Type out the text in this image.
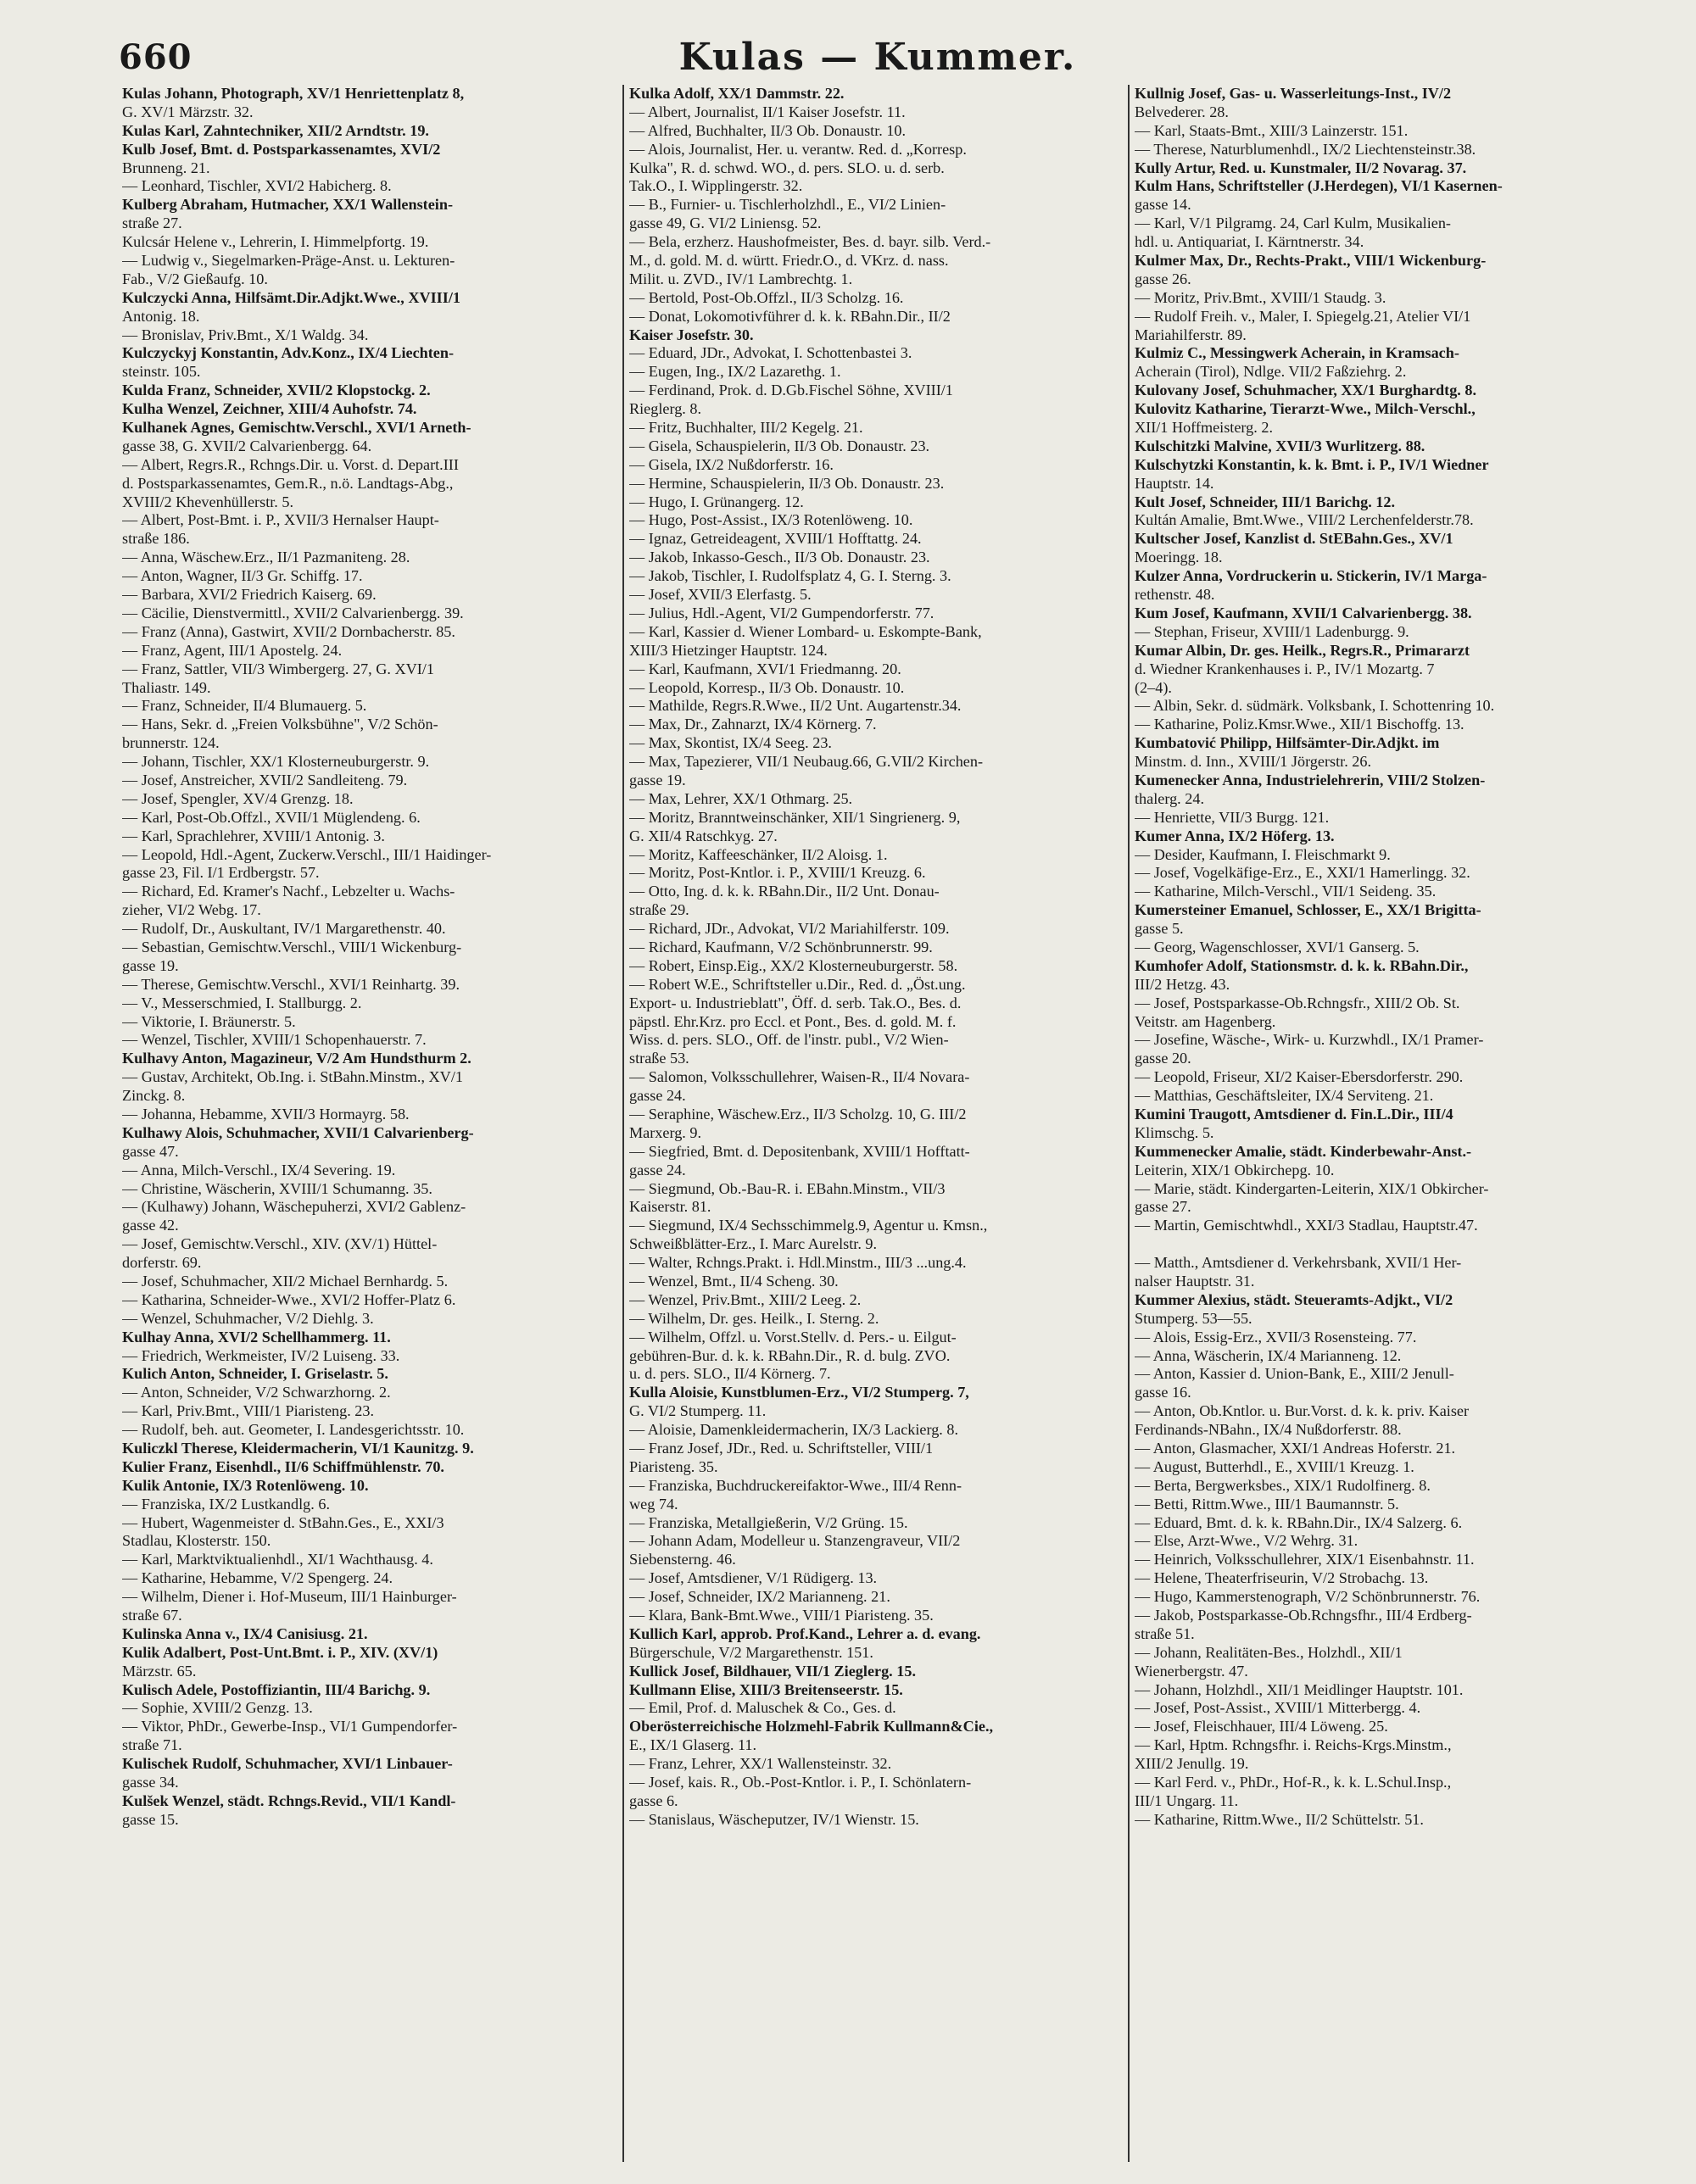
660	Kulas — Kummer.
Kulas Johann, Photograph, XV/1 Henriettenplatz 8,
G. XV/1 Märzstr. 32.
Kulas Karl, Zahntechniker, XII/2 Arndtstr. 19.
Kulb Josef, Bmt. d. Postsparkassenamtes, XVI/2
Brunneng. 21.
— Leonhard, Tischler, XVI/2 Habicherg. 8.
Kulberg Abraham, Hutmacher, XX/1 Wallenstein-
straße 27.
Kulcsár Helene v., Lehrerin, I. Himmelpfortg. 19.
— Ludwig v., Siegelmarken-Präge-Anst. u. Lekturen-
Fab., V/2 Gießaufg. 10.
Kulczycki Anna, Hilfsämt.Dir.Adjkt.Wwe., XVIII/1
Antonig. 18.
— Bronislav, Priv.Bmt., X/1 Waldg. 34.
Kulczyckyj Konstantin, Adv.Konz., IX/4 Liechten-
steinstr. 105.
Kulda Franz, Schneider, XVII/2 Klopstockg. 2.
Kulha Wenzel, Zeichner, XIII/4 Auhofstr. 74.
Kulhanek Agnes, Gemischtw.Verschl., XVI/1 Arneth-
gasse 38, G. XVII/2 Calvarienbergg. 64.
— Albert, Regrs.R., Rchngs.Dir. u. Vorst. d. Depart.III
d. Postsparkassenamtes, Gem.R., n.ö. Landtags-Abg.,
XVIII/2 Khevenhüllerstr. 5.
— Albert, Post-Bmt. i. P., XVII/3 Hernalser Haupt-
straße 186.
— Anna, Wäschew.Erz., II/1 Pazmaniteng. 28.
— Anton, Wagner, II/3 Gr. Schiffg. 17.
— Barbara, XVI/2 Friedrich Kaiserg. 69.
— Cäcilie, Dienstvermittl., XVII/2 Calvarienbergg. 39.
— Franz (Anna), Gastwirt, XVII/2 Dornbacherstr. 85.
— Franz, Agent, III/1 Apostelg. 24.
— Franz, Sattler, VII/3 Wimbergerg. 27, G. XVI/1
Thaliastr. 149.
— Franz, Schneider, II/4 Blumauerg. 5.
— Hans, Sekr. d. „Freien Volksbühne", V/2 Schön-
brunnerstr. 124.
— Johann, Tischler, XX/1 Klosterneuburgerstr. 9.
— Josef, Anstreicher, XVII/2 Sandleiteng. 79.
— Josef, Spengler, XV/4 Grenzg. 18.
— Karl, Post-Ob.Offzl., XVII/1 Müglendeng. 6.
— Karl, Sprachlehrer, XVIII/1 Antonig. 3.
— Leopold, Hdl.-Agent, Zuckerw.Verschl., III/1 Haidinger-
gasse 23, Fil. I/1 Erdbergstr. 57.
— Richard, Ed. Kramer's Nachf., Lebzelter u. Wachs-
zieher, VI/2 Webg. 17.
— Rudolf, Dr., Auskultant, IV/1 Margarethenstr. 40.
— Sebastian, Gemischtw.Verschl., VIII/1 Wickenburg-
gasse 19.
— Therese, Gemischtw.Verschl., XVI/1 Reinhartg. 39.
— V., Messerschmied, I. Stallburgg. 2.
— Viktorie, I. Bräunerstr. 5.
— Wenzel, Tischler, XVIII/1 Schopenhauerstr. 7.
Kulhavy Anton, Magazineur, V/2 Am Hundsthurm 2.
— Gustav, Architekt, Ob.Ing. i. StBahn.Minstm., XV/1
Zinckg. 8.
— Johanna, Hebamme, XVII/3 Hormayrg. 58.
Kulhawy Alois, Schuhmacher, XVII/1 Calvarienberg-
gasse 47.
— Anna, Milch-Verschl., IX/4 Severing. 19.
— Christine, Wäscherin, XVIII/1 Schumanng. 35.
— (Kulhawy) Johann, Wäschepuherzi, XVI/2 Gablenz-
gasse 42.
— Josef, Gemischtw.Verschl., XIV. (XV/1) Hüttel-
dorferstr. 69.
— Josef, Schuhmacher, XII/2 Michael Bernhardg. 5.
— Katharina, Schneider-Wwe., XVI/2 Hoffer-Platz 6.
— Wenzel, Schuhmacher, V/2 Diehlg. 3.
Kulhay Anna, XVI/2 Schellhammerg. 11.
— Friedrich, Werkmeister, IV/2 Luiseng. 33.
Kulich Anton, Schneider, I. Griselastr. 5.
— Anton, Schneider, V/2 Schwarzhorng. 2.
— Karl, Priv.Bmt., VIII/1 Piaristeng. 23.
— Rudolf, beh. aut. Geometer, I. Landesgerichtsstr. 10.
Kuliczkl Therese, Kleidermacherin, VI/1 Kaunitzg. 9.
Kulier Franz, Eisenhdl., II/6 Schiffmühlenstr. 70.
Kulik Antonie, IX/3 Rotenlöweng. 10.
— Franziska, IX/2 Lustkandlg. 6.
— Hubert, Wagenmeister d. StBahn.Ges., E., XXI/3
Stadlau, Klosterstr. 150.
— Karl, Marktviktualienhdl., XI/1 Wachthausg. 4.
— Katharine, Hebamme, V/2 Spengerg. 24.
— Wilhelm, Diener i. Hof-Museum, III/1 Hainburger-
straße 67.
Kulinska Anna v., IX/4 Canisiusg. 21.
Kulik Adalbert, Post-Unt.Bmt. i. P., XIV. (XV/1)
Märzstr. 65.
Kulisch Adele, Postoffiziantin, III/4 Barichg. 9.
— Sophie, XVIII/2 Genzg. 13.
— Viktor, PhDr., Gewerbe-Insp., VI/1 Gumpendorfer-
straße 71.
Kulischek Rudolf, Schuhmacher, XVI/1 Linbauer-
gasse 34.
Kulšek Wenzel, städt. Rchngs.Revid., VII/1 Kandl-
gasse 15.
Kulka Adolf, XX/1 Dammstr. 22.
— Albert, Journalist, II/1 Kaiser Josefstr. 11.
— Alfred, Buchhalter, II/3 Ob. Donaustr. 10.
— Alois, Journalist, Her. u. verantw. Red. d. „Korresp.
Kulka", R. d. schwd. WO., d. pers. SLO. u. d. serb.
Tak.O., I. Wipplingerstr. 32.
— B., Furnier- u. Tischlerholzhdl., E., VI/2 Linien-
gasse 49, G. VI/2 Liniensg. 52.
— Bela, erzherz. Haushofmeister, Bes. d. bayr. silb. Verd.-
M., d. gold. M. d. württ. Friedr.O., d. VKrz. d. nass.
Milit. u. ZVD., IV/1 Lambrechtg. 1.
— Bertold, Post-Ob.Offzl., II/3 Scholzg. 16.
— Donat, Lokomotivführer d. k. k. RBahn.Dir., II/2
Kaiser Josefstr. 30.
— Eduard, JDr., Advokat, I. Schottenbastei 3.
— Eugen, Ing., IX/2 Lazarethg. 1.
— Ferdinand, Prok. d. D.Gb.Fischel Söhne, XVIII/1
Rieglerg. 8.
— Fritz, Buchhalter, III/2 Kegelg. 21.
— Gisela, Schauspielerin, II/3 Ob. Donaustr. 23.
— Gisela, IX/2 Nußdorferstr. 16.
— Hermine, Schauspielerin, II/3 Ob. Donaustr. 23.
— Hugo, I. Grünangerg. 12.
— Hugo, Post-Assist., IX/3 Rotenlöweng. 10.
— Ignaz, Getreideagent, XVIII/1 Hofftattg. 24.
— Jakob, Inkasso-Gesch., II/3 Ob. Donaustr. 23.
— Jakob, Tischler, I. Rudolfsplatz 4, G. I. Sterng. 3.
— Josef, XVII/3 Elerfastg. 5.
— Julius, Hdl.-Agent, VI/2 Gumpendorferstr. 77.
— Karl, Kassier d. Wiener Lombard- u. Eskompte-Bank,
XIII/3 Hietzinger Hauptstr. 124.
— Karl, Kaufmann, XVI/1 Friedmanng. 20.
— Leopold, Korresp., II/3 Ob. Donaustr. 10.
— Mathilde, Regrs.R.Wwe., II/2 Unt. Augartenstr.34.
— Max, Dr., Zahnarzt, IX/4 Körnerg. 7.
— Max, Skontist, IX/4 Seeg. 23.
— Max, Tapezierer, VII/1 Neubaug.66, G.VII/2 Kirchen-
gasse 19.
— Max, Lehrer, XX/1 Othmarg. 25.
— Moritz, Branntweinschänker, XII/1 Singrienerg. 9,
G. XII/4 Ratschkyg. 27.
— Moritz, Kaffeeschänker, II/2 Aloisg. 1.
— Moritz, Post-Kntlor. i. P., XVIII/1 Kreuzg. 6.
— Otto, Ing. d. k. k. RBahn.Dir., II/2 Unt. Donau-
straße 29.
— Richard, JDr., Advokat, VI/2 Mariahilferstr. 109.
— Richard, Kaufmann, V/2 Schönbrunnerstr. 99.
— Robert, Einsp.Eig., XX/2 Klosterneuburgerstr. 58.
— Robert W.E., Schriftsteller u.Dir., Red. d. „Öst.ung.
Export- u. Industrieblatt", Öff. d. serb. Tak.O., Bes. d.
päpstl. Ehr.Krz. pro Eccl. et Pont., Bes. d. gold. M. f.
Wiss. d. pers. SLO., Off. de l'instr. publ., V/2 Wien-
straße 53.
— Salomon, Volksschullehrer, Waisen-R., II/4 Novara-
gasse 24.
— Seraphine, Wäschew.Erz., II/3 Scholzg. 10, G. III/2
Marxerg. 9.
— Siegfried, Bmt. d. Depositenbank, XVIII/1 Hofftatt-
gasse 24.
— Siegmund, Ob.-Bau-R. i. EBahn.Minstm., VII/3
Kaiserstr. 81.
— Siegmund, IX/4 Sechsschimmelg.9, Agentur u. Kmsn.,
Schweißblätter-Erz., I. Marc Aurelstr. 9.
— Walter, Rchngs.Prakt. i. Hdl.Minstm., III/3 ...ung.4.
— Wenzel, Bmt., II/4 Scheng. 30.
— Wenzel, Priv.Bmt., XIII/2 Leeg. 2.
— Wilhelm, Dr. ges. Heilk., I. Sterng. 2.
— Wilhelm, Offzl. u. Vorst.Stellv. d. Pers.- u. Eilgut-
gebühren-Bur. d. k. k. RBahn.Dir., R. d. bulg. ZVO.
u. d. pers. SLO., II/4 Körnerg. 7.
Kulla Aloisie, Kunstblumen-Erz., VI/2 Stumperg. 7,
G. VI/2 Stumperg. 11.
— Aloisie, Damenkleidermacherin, IX/3 Lackierg. 8.
— Franz Josef, JDr., Red. u. Schriftsteller, VIII/1
Piaristeng. 35.
— Franziska, Buchdruckereifaktor-Wwe., III/4 Renn-
weg 74.
— Franziska, Metallgießerin, V/2 Grüng. 15.
— Johann Adam, Modelleur u. Stanzengraveur, VII/2
Siebensterng. 46.
— Josef, Amtsdiener, V/1 Rüdigerg. 13.
— Josef, Schneider, IX/2 Marianneng. 21.
— Klara, Bank-Bmt.Wwe., VIII/1 Piaristeng. 35.
Kullich Karl, approb. Prof.Kand., Lehrer a. d. evang.
Bürgerschule, V/2 Margarethenstr. 151.
Kullick Josef, Bildhauer, VII/1 Zieglerg. 15.
Kullmann Elise, XIII/3 Breitenseerstr. 15.
— Emil, Prof. d. Maluschek & Co., Ges. d.
Oberösterreichische Holzmehl-Fabrik Kullmann&Cie.,
E., IX/1 Glaserg. 11.
— Franz, Lehrer, XX/1 Wallensteinstr. 32.
— Josef, kais. R., Ob.-Post-Kntlor. i. P., I. Schönlatern-
gasse 6.
— Stanislaus, Wäscheputzer, IV/1 Wienstr. 15.
Kullnig Josef, Gas- u. Wasserleitungs-Inst., IV/2
Belvederег. 28.
— Karl, Staats-Bmt., XIII/3 Lainzerstr. 151.
— Therese, Naturblumenhdl., IX/2 Liechtensteinstr.38.
Kully Artur, Red. u. Kunstmaler, II/2 Novarag. 37.
Kulm Hans, Schriftsteller (J.Herdegen), VI/1 Kasernen-
gasse 14.
— Karl, V/1 Pilgramg. 24, Carl Kulm, Musikalien-
hdl. u. Antiquariat, I. Kärntnerstr. 34.
Kulmer Max, Dr., Rechts-Prakt., VIII/1 Wickenburg-
gasse 26.
— Moritz, Priv.Bmt., XVIII/1 Staudg. 3.
— Rudolf Freih. v., Maler, I. Spiegelg.21, Atelier VI/1
Mariahilferstr. 89.
Kulmiz C., Messingwerk Acherain, in Kramsach-
Acherain (Tirol), Ndlge. VII/2 Faßziehrg. 2.
Kulovany Josef, Schuhmacher, XX/1 Burghardtg. 8.
Kulovitz Katharine, Tierarzt-Wwe., Milch-Verschl.,
XII/1 Hoffmeisterg. 2.
Kulschitzki Malvine, XVII/3 Wurlitzerg. 88.
Kulschytzki Konstantin, k. k. Bmt. i. P., IV/1 Wiedner
Hauptstr. 14.
Kult Josef, Schneider, III/1 Barichg. 12.
Kultán Amalie, Bmt.Wwe., VIII/2 Lerchenfelderstr.78.
Kultscher Josef, Kanzlist d. StEBahn.Ges., XV/1
Moeringg. 18.
Kulzer Anna, Vordruckerin u. Stickerin, IV/1 Marga-
rethenstr. 48.
Kum Josef, Kaufmann, XVII/1 Calvarienbergg. 38.
— Stephan, Friseur, XVIII/1 Ladenburgg. 9.
Kumar Albin, Dr. ges. Heilk., Regrs.R., Primararzt
d. Wiedner Krankenhauses i. P., IV/1 Mozartg. 7
(2–4).
— Albin, Sekr. d. südmärk. Volksbank, I. Schottenring 10.
— Katharine, Poliz.Kmsr.Wwe., XII/1 Bischoffg. 13.
Kumbatović Philipp, Hilfsämter-Dir.Adjkt. im
Minstm. d. Inn., XVIII/1 Jörgerstr. 26.
Kumenecker Anna, Industrielehrerin, VIII/2 Stolzen-
thalerg. 24.
— Henriette, VII/3 Burgg. 121.
Kumer Anna, IX/2 Höferg. 13.
— Desider, Kaufmann, I. Fleischmarkt 9.
— Josef, Vogelkäfige-Erz., E., XXI/1 Hamerlingg. 32.
— Katharine, Milch-Verschl., VII/1 Seideng. 35.
Kumersteiner Emanuel, Schlosser, E., XX/1 Brigitta-
gasse 5.
— Georg, Wagenschlosser, XVI/1 Ganserg. 5.
Kumhofer Adolf, Stationsmstr. d. k. k. RBahn.Dir.,
III/2 Hetzg. 43.
— Josef, Postsparkasse-Ob.Rchngsfr., XIII/2 Ob. St.
Veitstr. am Hagenberg.
— Josefine, Wäsche-, Wirk- u. Kurzwhdl., IX/1 Pramer-
gasse 20.
— Leopold, Friseur, XI/2 Kaiser-Ebersdorferstr. 290.
— Matthias, Geschäftsleiter, IX/4 Serviteng. 21.
Kumini Traugott, Amtsdiener d. Fin.L.Dir., III/4
Klimschg. 5.
Kummenecker Amalie, städt. Kinderbewahr-Anst.-
Leiterin, XIX/1 Obkirchерg. 10.
— Marie, städt. Kindergarten-Leiterin, XIX/1 Obkircher-
gasse 27.
— Martin, Gemischtwhdl., XXI/3 Stadlau, Hauptstr.47.
— Matth., Amtsdiener d. Verkehrsbank, XVII/1 Her-
nalser Hauptstr. 31.
Kummer Alexius, städt. Steueramts-Adjkt., VI/2
Stumperg. 53—55.
— Alois, Essig-Erz., XVII/3 Rosensteing. 77.
— Anna, Wäscherin, IX/4 Marianneng. 12.
— Anton, Kassier d. Union-Bank, E., XIII/2 Jenull-
gasse 16.
— Anton, Ob.Kntlor. u. Bur.Vorst. d. k. k. priv. Kaiser
Ferdinands-NBahn., IX/4 Nußdorferstr. 88.
— Anton, Glasmacher, XXI/1 Andreas Hoferstr. 21.
— August, Butterhdl., E., XVIII/1 Kreuzg. 1.
— Berta, Bergwerksbes., XIX/1 Rudolfinerg. 8.
— Betti, Rittm.Wwe., III/1 Baumannstr. 5.
— Eduard, Bmt. d. k. k. RBahn.Dir., IX/4 Salzerg. 6.
— Else, Arzt-Wwe., V/2 Wehrg. 31.
— Heinrich, Volksschullehrer, XIX/1 Eisenbahnstr. 11.
— Helene, Theaterfriseurin, V/2 Strobachg. 13.
— Hugo, Kammerstenograph, V/2 Schönbrunnerstr. 76.
— Jakob, Postsparkasse-Ob.Rchngsfhr., III/4 Erdberg-
straße 51.
— Johann, Realitäten-Bes., Holzhdl., XII/1
Wienerbergstr. 47.
— Johann, Holzhdl., XII/1 Meidlinger Hauptstr. 101.
— Josef, Post-Assist., XVIII/1 Mitterbergg. 4.
— Josef, Fleischhauer, III/4 Löweng. 25.
— Karl, Hptm. Rchngsfhr. i. Reichs-Krgs.Minstm.,
XIII/2 Jenullg. 19.
— Karl Ferd. v., PhDr., Hof-R., k. k. L.Schul.Insp.,
III/1 Ungarg. 11.
— Katharine, Rittm.Wwe., II/2 Schüttelstr. 51.
